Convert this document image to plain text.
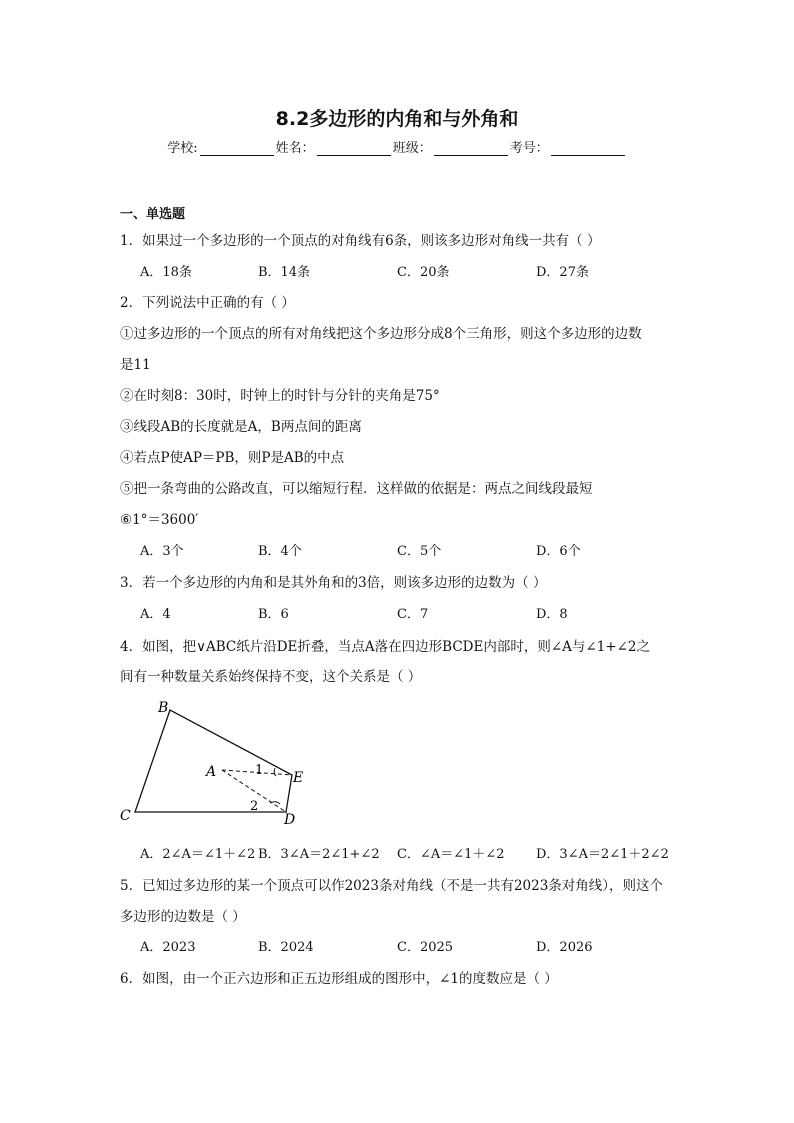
8.2多边形的内角和与外角和
学校:	姓名：	班级：	考号：
一、单选题
1．如果过一个多边形的一个顶点的对角线有6条，则该多边形对角线一共有（ ）
A．18条	B．14条	C．20条	D．27条
2．下列说法中正确的有（ ）
①过多边形的一个顶点的所有对角线把这个多边形分成8个三角形，则这个多边形的边数
是11
②在时刻8：30时，时钟上的时针与分针的夹角是75°
③线段AB的长度就是A，B两点间的距离
④若点P使AP＝PB，则P是AB的中点
⑤把一条弯曲的公路改直，可以缩短行程．这样做的依据是：两点之间线段最短
⑥1°＝3600′
A．3个	B．4个	C．5个	D．6个
3．若一个多边形的内角和是其外角和的3倍，则该多边形的边数为（ ）
A．4	B．6	C．7	D．8
4．如图，把∨ABC纸片沿DE折叠，当点A落在四边形BCDE内部时，则∠A与∠1+∠2之
间有一种数量关系始终保持不变，这个关系是（ ）
B
C	D
E
A	1
2
A．2∠A＝∠1＋∠2 B．3∠A＝2∠1+∠2 C．∠A＝∠1＋∠2 D．3∠A＝2∠1＋2∠2
5．已知过多边形的某一个顶点可以作2023条对角线（不是一共有2023条对角线），则这个
多边形的边数是（ ）
A．2023	B．2024	C．2025	D．2026
6．如图，由一个正六边形和正五边形组成的图形中，∠1的度数应是（ ）
